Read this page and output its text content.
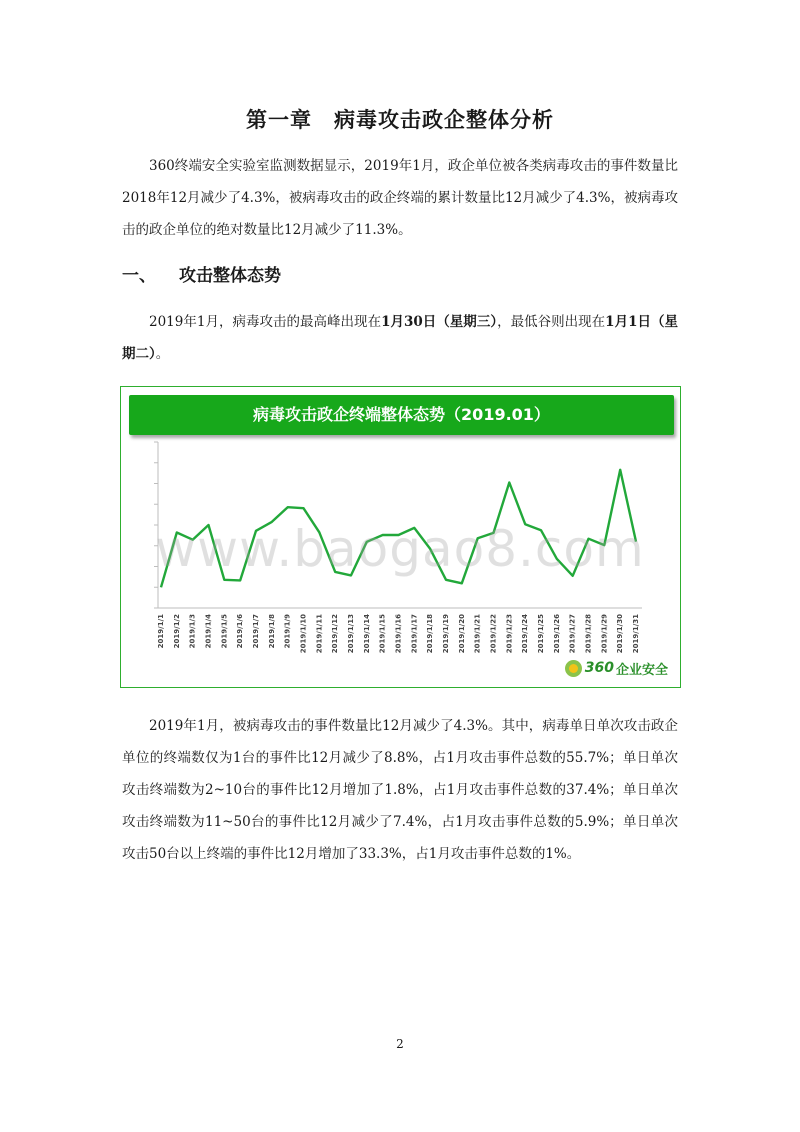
第一章　病毒攻击政企整体分析
360终端安全实验室监测数据显示，2019年1月，政企单位被各类病毒攻击的事件数量比2018年12月减少了4.3%，被病毒攻击的政企终端的累计数量比12月减少了4.3%，被病毒攻击的政企单位的绝对数量比12月减少了11.3%。
一、 攻击整体态势
2019年1月，病毒攻击的最高峰出现在1月30日（星期三），最低谷则出现在1月1日（星期二）。
病毒攻击政企终端整体态势（2019.01）
2019/1/1 2019/1/2 2019/1/3 2019/1/4 2019/1/5 2019/1/6 2019/1/7 2019/1/8 2019/1/9 2019/1/10 2019/1/11 2019/1/12 2019/1/13 2019/1/14 2019/1/15 2019/1/16 2019/1/17 2019/1/18 2019/1/19 2019/1/20 2019/1/21 2019/1/22 2019/1/23 2019/1/24 2019/1/25 2019/1/26 2019/1/27 2019/1/28 2019/1/29 2019/1/30 2019/1/31
360 企业安全
www.baogao8.com
2019年1月，被病毒攻击的事件数量比12月减少了4.3%。其中，病毒单日单次攻击政企单位的终端数仅为1台的事件比12月减少了8.8%，占1月攻击事件总数的55.7%；单日单次攻击终端数为2~10台的事件比12月增加了1.8%，占1月攻击事件总数的37.4%；单日单次攻击终端数为11~50台的事件比12月减少了7.4%，占1月攻击事件总数的5.9%；单日单次攻击50台以上终端的事件比12月增加了33.3%，占1月攻击事件总数的1%。
2
